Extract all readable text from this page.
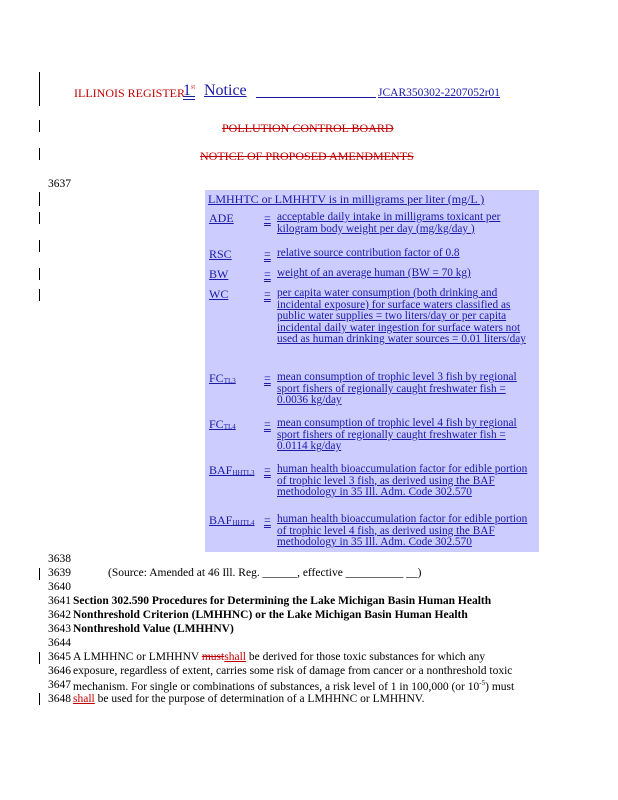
ILLINOIS REGISTER
1st Notice	JCAR350302-2207052r01
POLLUTION CONTROL BOARD
NOTICE OF PROPOSED AMENDMENTS
3637
LMHHTC or LMHHTV is in milligrams per liter (mg/L )
ADE	= acceptable daily intake in milligrams toxicant per kilogram body weight per day (mg/kg/day )
RSC	= relative source contribution factor of 0.8
BW	= weight of an average human (BW = 70 kg)
WC	= per capita water consumption (both drinking and incidental exposure) for surface waters classified as public water supplies = two liters/day or per capita incidental daily water ingestion for surface waters not used as human drinking water sources = 0.01 liters/day
$FC_{TL3}$ = mean consumption of trophic level 3 fish by regional sport fishers of regionally caught freshwater fish = 0.0036 kg/day
$FC_{TL4}$ = mean consumption of trophic level 4 fish by regional sport fishers of regionally caught freshwater fish = 0.0114 kg/day
$BAF_{HHTL3}$ = human health bioaccumulation factor for edible portion of trophic level 3 fish, as derived using the BAF methodology in 35 Ill. Adm. Code 302.570
$BAF_{HHTL4}$ = human health bioaccumulation factor for edible portion of trophic level 4 fish, as derived using the BAF methodology in 35 Ill. Adm. Code 302.570
3638
3639	(Source: Amended at 46 Ill. Reg. ______, effective __________ __)
3640
3641 Section 302.590 Procedures for Determining the Lake Michigan Basin Human Health
3642 Nonthreshold Criterion (LMHHNC) or the Lake Michigan Basin Human Health
3643 Nonthreshold Value (LMHHNV)
3644
3645 A LMHHNC or LMHHNV mustshall be derived for those toxic substances for which any
3646 exposure, regardless of extent, carries some risk of damage from cancer or a nonthreshold toxic
3647 mechanism. For single or combinations of substances, a risk level of 1 in 100,000 (or $10^{-5}$) must
3648 shall be used for the purpose of determination of a LMHHNC or LMHHNV.
